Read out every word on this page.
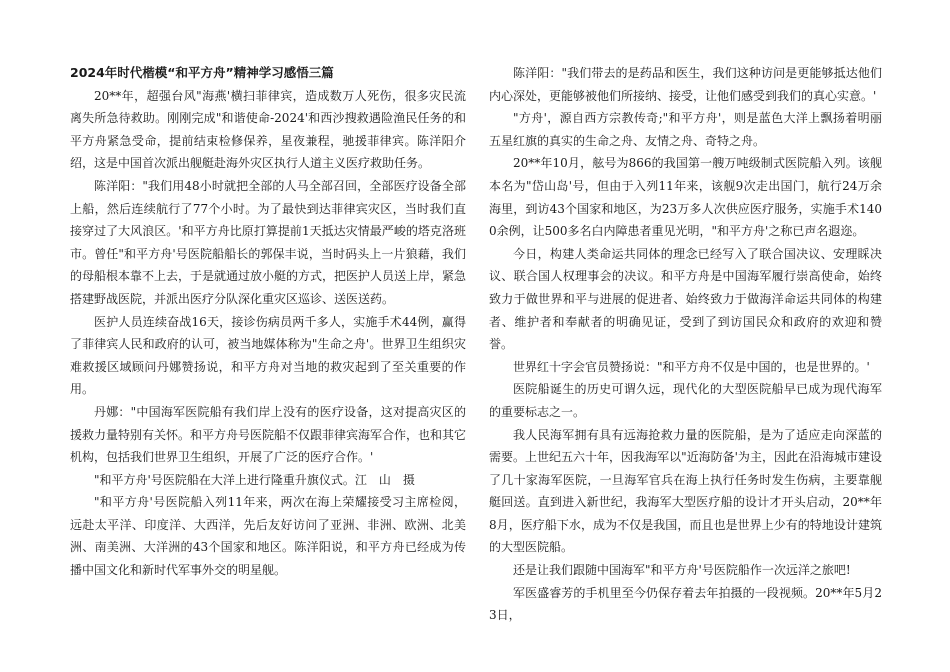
2024年时代楷模“和平方舟”精神学习感悟三篇

20**年，超强台风"海燕'横扫菲律宾，造成数万人死伤，很多灾民流离失所急待救助。刚刚完成"和谐使命-2024'和西沙搜救遇险渔民任务的和平方舟紧急受命，提前结束检修保养，星夜兼程，驰援菲律宾。陈洋阳介绍，这是中国首次派出舰艇赴海外灾区执行人道主义医疗救助任务。

陈洋阳："我们用48小时就把全部的人马全部召回，全部医疗设备全部上船，然后连续航行了77个小时。为了最快到达菲律宾灾区，当时我们直接穿过了大风浪区。'和平方舟比原打算提前1天抵达灾情最严峻的塔克洛班市。曾任"和平方舟'号医院船船长的郭保丰说，当时码头上一片狼藉，我们的母船根本靠不上去，于是就通过放小艇的方式，把医护人员送上岸，紧急搭建野战医院，并派出医疗分队深化重灾区巡诊、送医送药。

医护人员连续奋战16天，接诊伤病员两千多人，实施手术44例，赢得了菲律宾人民和政府的认可，被当地媒体称为"生命之舟'。世界卫生组织灾难救援区域顾问丹娜赞扬说，和平方舟对当地的救灾起到了至关重要的作用。

丹娜："中国海军医院船有我们岸上没有的医疗设备，这对提高灾区的援救力量特别有关怀。和平方舟号医院船不仅跟菲律宾海军合作，也和其它机构，包括我们世界卫生组织，开展了广泛的医疗合作。'

"和平方舟'号医院船在大洋上进行隆重升旗仪式。江　山　摄

"和平方舟'号医院船入列11年来，两次在海上荣耀接受习主席检阅，远赴太平洋、印度洋、大西洋，先后友好访问了亚洲、非洲、欧洲、北美洲、南美洲、大洋洲的43个国家和地区。陈洋阳说，和平方舟已经成为传播中国文化和新时代军事外交的明星舰。

陈洋阳："我们带去的是药品和医生，我们这种访问是更能够抵达他们内心深处，更能够被他们所接纳、接受，让他们感受到我们的真心实意。'

"方舟'，源自西方宗教传奇;"和平方舟'，则是蓝色大洋上飘扬着明丽五星红旗的真实的生命之舟、友情之舟、奇特之舟。

20**年10月，舷号为866的我国第一艘万吨级制式医院船入列。该舰本名为"岱山岛'号，但由于入列11年来，该舰9次走出国门，航行24万余海里，到访43个国家和地区，为23万多人次供应医疗服务，实施手术1400余例，让500多名白内障患者重见光明，"和平方舟'之称已声名遐迩。

今日，构建人类命运共同体的理念已经写入了联合国决议、安理睬决议、联合国人权理事会的决议。和平方舟是中国海军履行崇高使命，始终致力于做世界和平与进展的促进者、始终致力于做海洋命运共同体的构建者、维护者和奉献者的明确见证，受到了到访国民众和政府的欢迎和赞誉。

世界红十字会官员赞扬说："和平方舟不仅是中国的，也是世界的。'

医院船诞生的历史可谓久远，现代化的大型医院船早已成为现代海军的重要标志之一。

我人民海军拥有具有远海抢救力量的医院船，是为了适应走向深蓝的需要。上世纪五六十年，因我海军以"近海防备'为主，因此在沿海城市建设了几十家海军医院，一旦海军官兵在海上执行任务时发生伤病，主要靠舰艇回送。直到进入新世纪，我海军大型医疗船的设计才开头启动，20**年8月，医疗船下水，成为不仅是我国，而且也是世界上少有的特地设计建筑的大型医院船。

还是让我们跟随中国海军"和平方舟'号医院船作一次远洋之旅吧!

军医盛睿芳的手机里至今仍保存着去年拍摄的一段视频。20**年5月23日，
